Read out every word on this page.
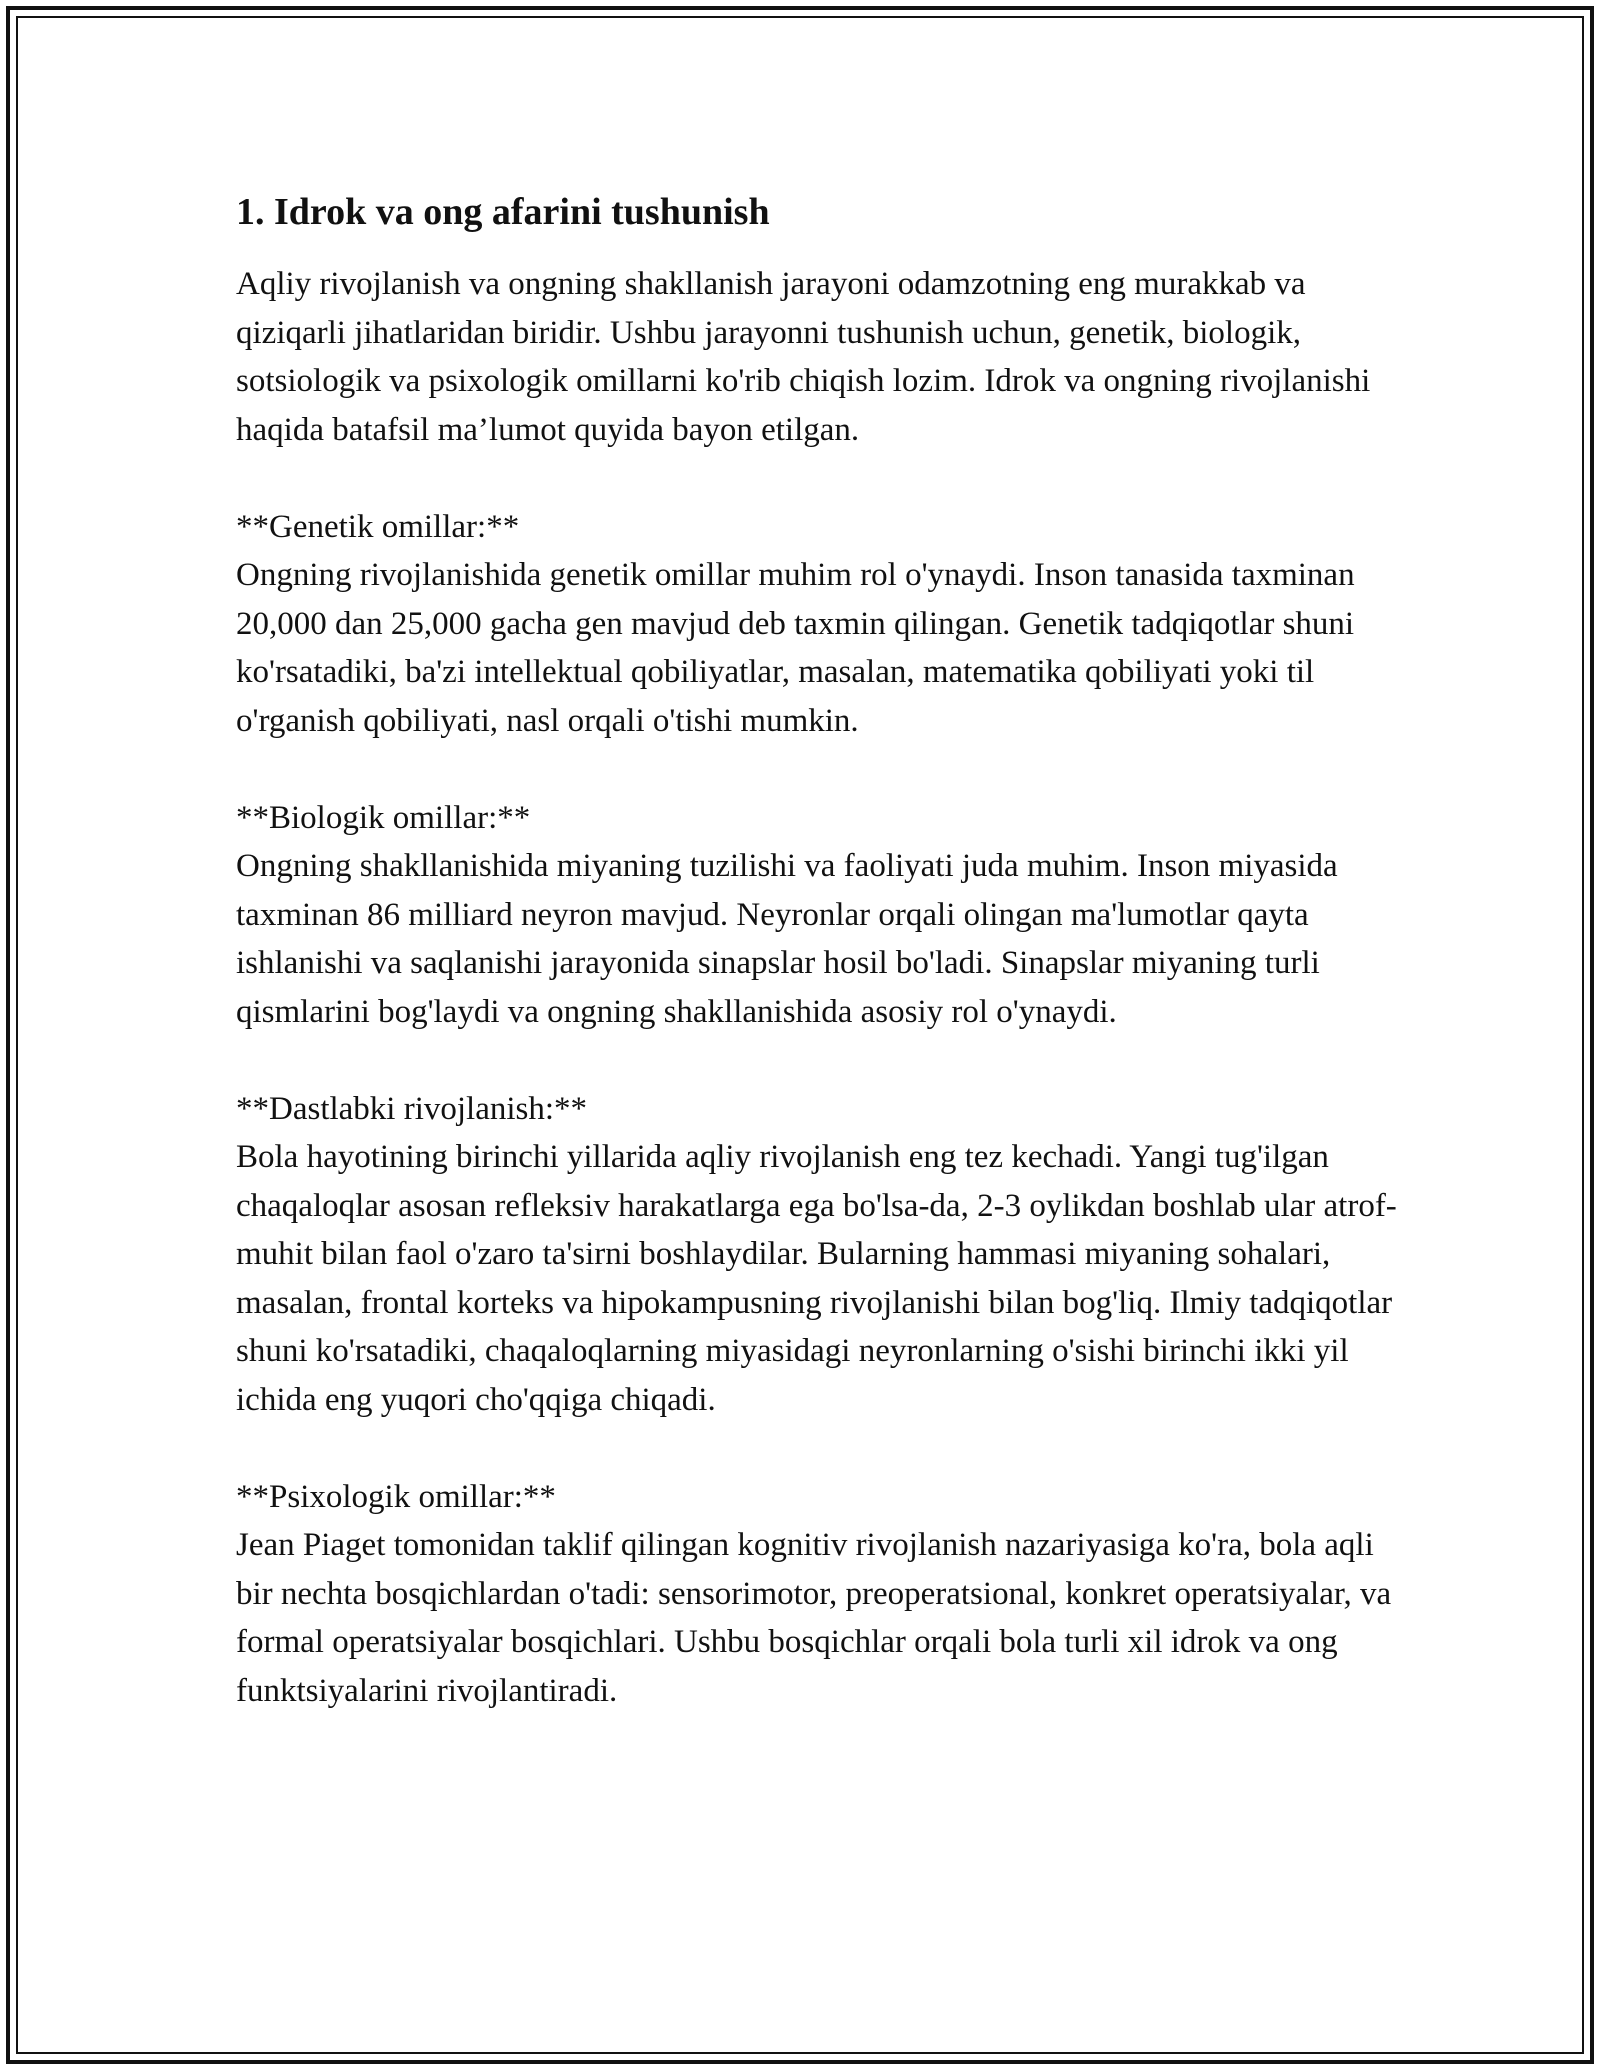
1. Idrok va ong afarini tushunish

Aqliy rivojlanish va ongning shakllanish jarayoni odamzotning eng murakkab va qiziqarli jihatlaridan biridir. Ushbu jarayonni tushunish uchun, genetik, biologik, sotsiologik va psixologik omillarni ko'rib chiqish lozim. Idrok va ongning rivojlanishi haqida batafsil ma’lumot quyida bayon etilgan.

**Genetik omillar:**

Ongning rivojlanishida genetik omillar muhim rol o'ynaydi. Inson tanasida taxminan 20,000 dan 25,000 gacha gen mavjud deb taxmin qilingan. Genetik tadqiqotlar shuni ko'rsatadiki, ba'zi intellektual qobiliyatlar, masalan, matematika qobiliyati yoki til o'rganish qobiliyati, nasl orqali o'tishi mumkin.

**Biologik omillar:**

Ongning shakllanishida miyaning tuzilishi va faoliyati juda muhim. Inson miyasida taxminan 86 milliard neyron mavjud. Neyronlar orqali olingan ma'lumotlar qayta ishlanishi va saqlanishi jarayonida sinapslar hosil bo'ladi. Sinapslar miyaning turli qismlarini bog'laydi va ongning shakllanishida asosiy rol o'ynaydi.

**Dastlabki rivojlanish:**

Bola hayotining birinchi yillarida aqliy rivojlanish eng tez kechadi. Yangi tug'ilgan chaqaloqlar asosan refleksiv harakatlarga ega bo'lsa-da, 2-3 oylikdan boshlab ular atrof-muhit bilan faol o'zaro ta'sirni boshlaydilar. Bularning hammasi miyaning sohalari, masalan, frontal korteks va hipokampusning rivojlanishi bilan bog'liq. Ilmiy tadqiqotlar shuni ko'rsatadiki, chaqaloqlarning miyasidagi neyronlarning o'sishi birinchi ikki yil ichida eng yuqori cho'qqiga chiqadi.

**Psixologik omillar:**

Jean Piaget tomonidan taklif qilingan kognitiv rivojlanish nazariyasiga ko'ra, bola aqli bir nechta bosqichlardan o'tadi: sensorimotor, preoperatsional, konkret operatsiyalar, va formal operatsiyalar bosqichlari. Ushbu bosqichlar orqali bola turli xil idrok va ong funktsiyalarini rivojlantiradi.
